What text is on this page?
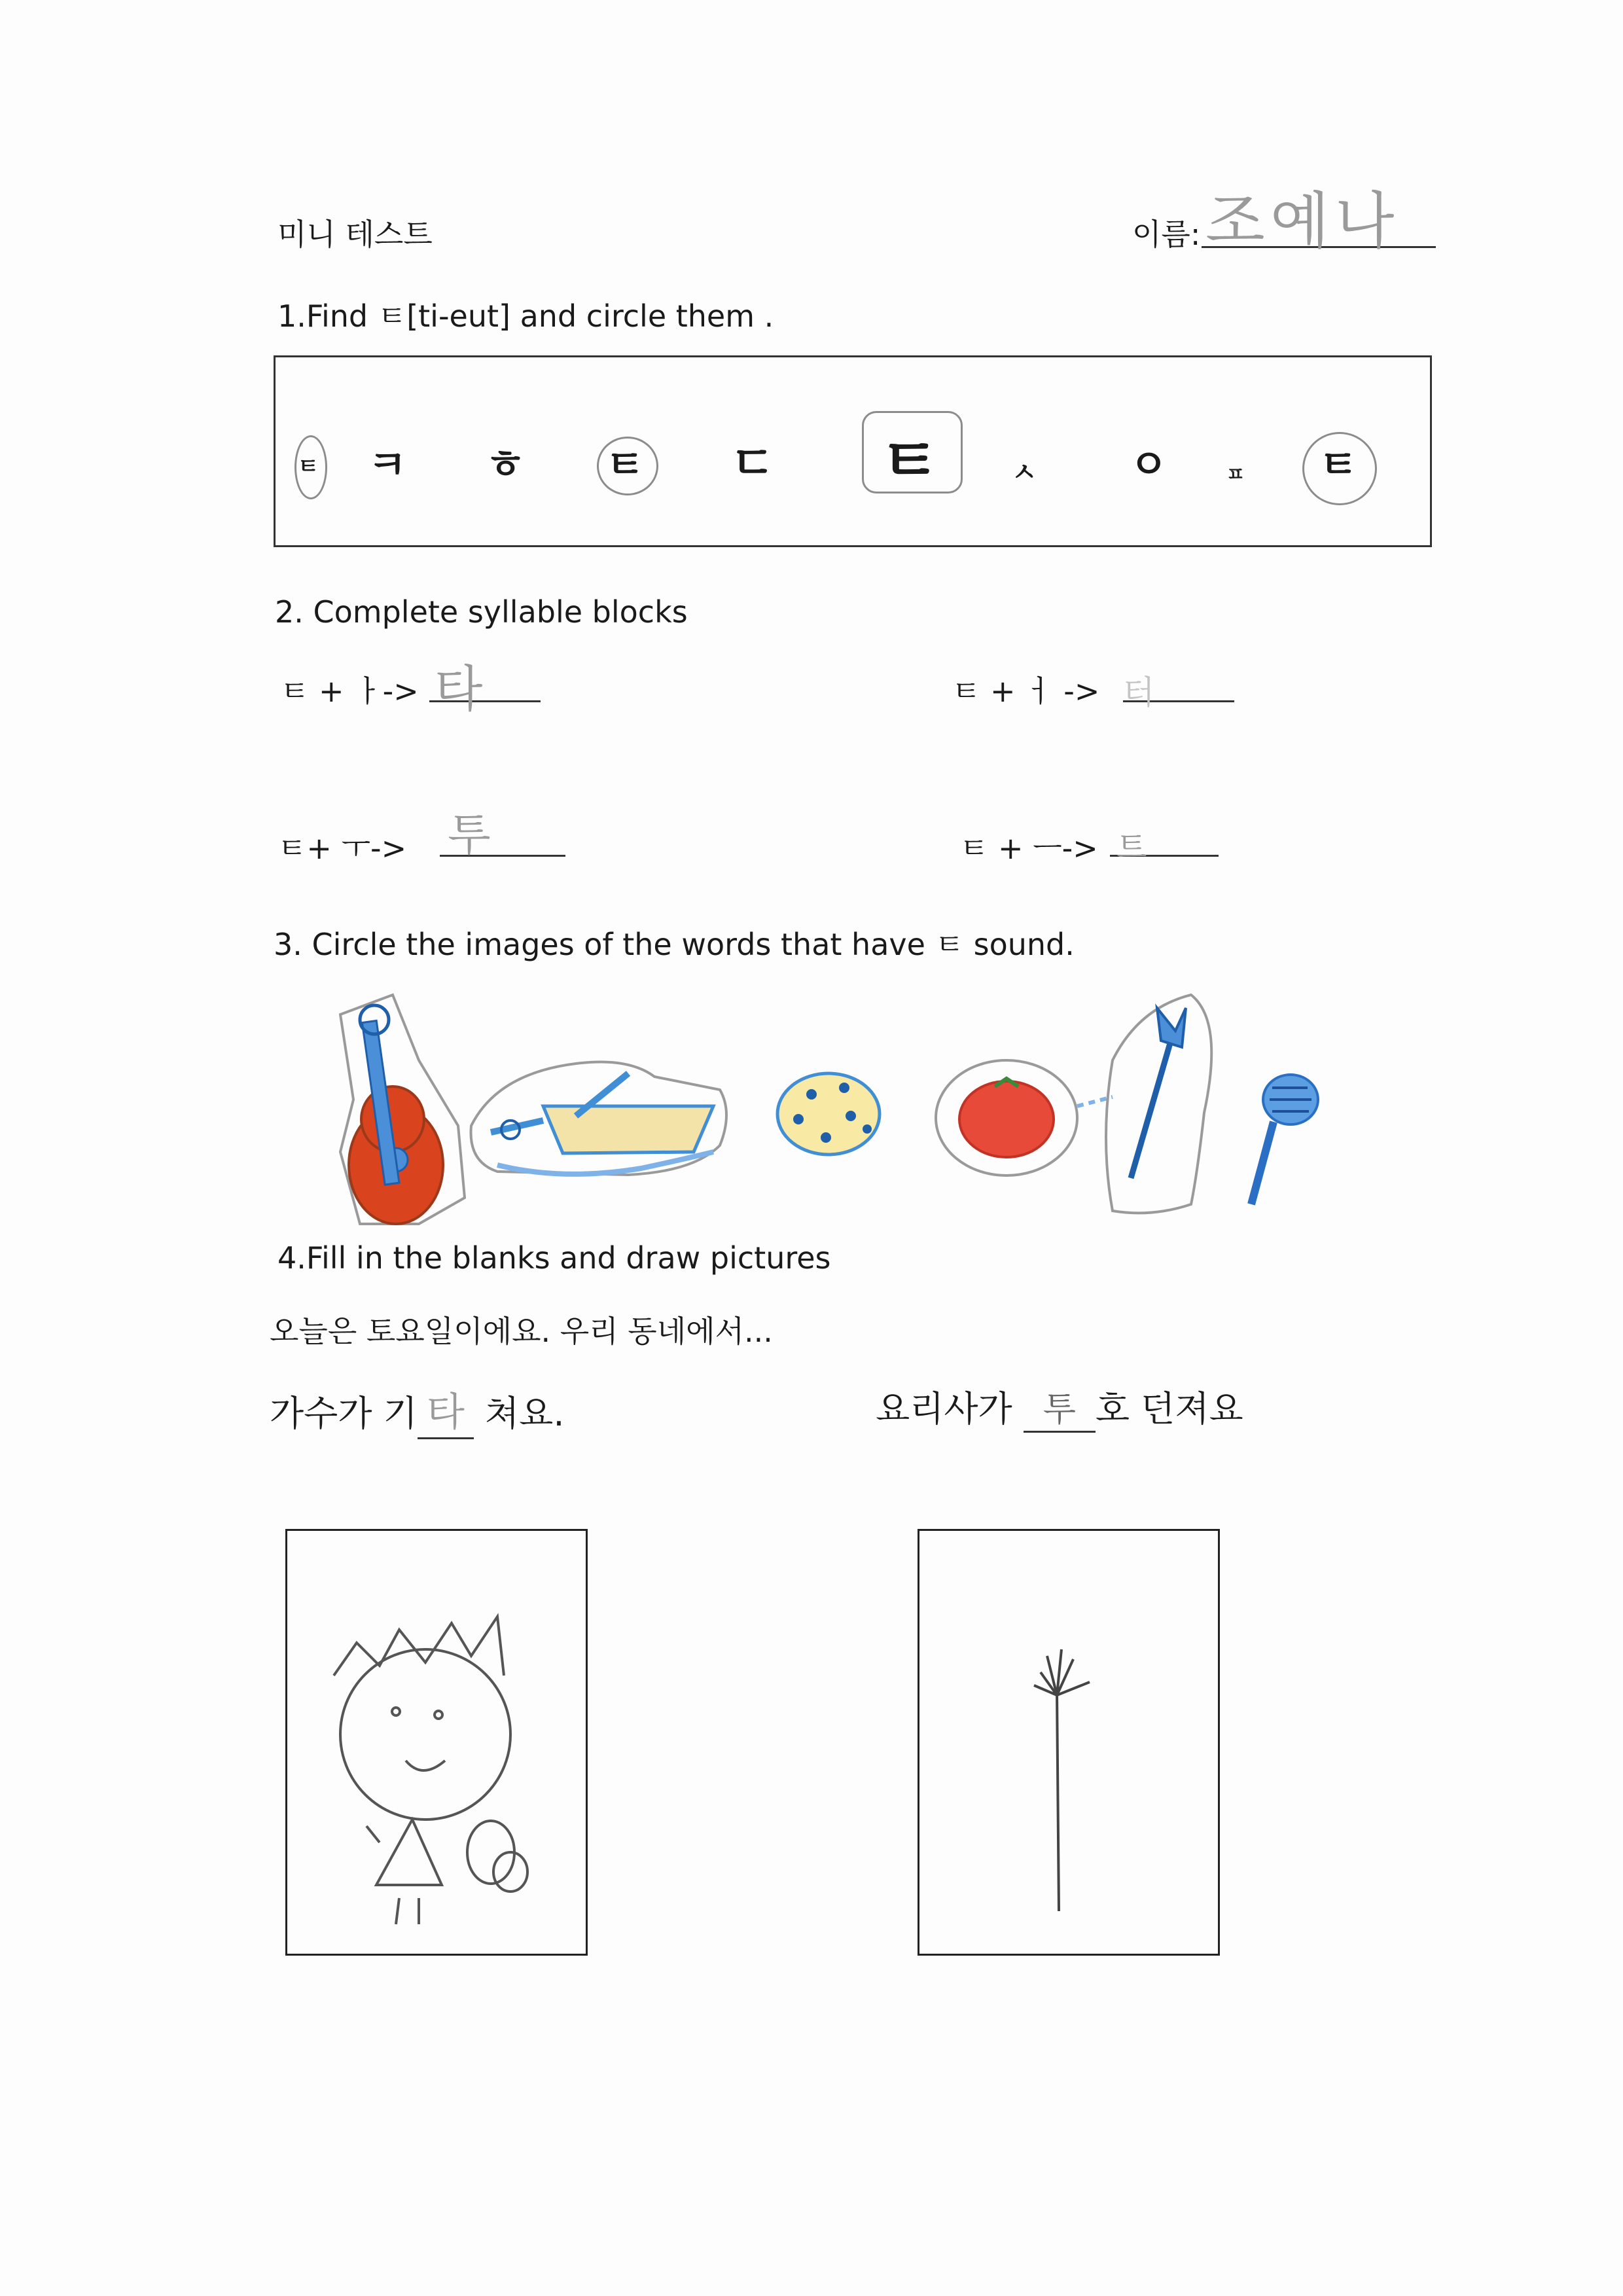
미니 테스트	이름: 조예나
1.Find ㅌ[ti-eut] and circle them .
ㅌ ㅋ ㅎ ㅌ ㄷ ㅌ	ㅅ ㅇ	ㅍ ㅌ
2. Complete syllable blocks
ㅌ + ㅏ-> 타	ㅌ + ㅓ -> 터
ㅌ+ ㅜ-> 투	ㅌ + ㅡ-> 트
3. Circle the images of the words that have ㅌ sound.
4.Fill in the blanks and draw pictures
오늘은 토요일이에요. 우리 동네에서...
가수가 기 타 쳐요.	요리사가 투 호 던져요
